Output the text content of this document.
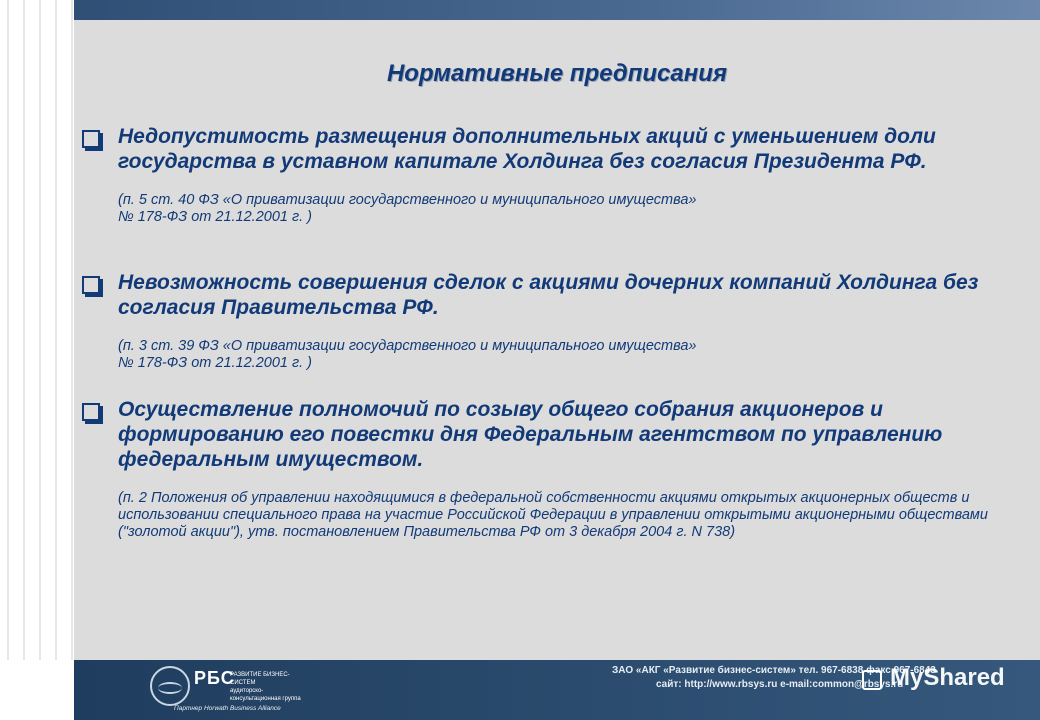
Нормативные предписания
Недопустимость размещения дополнительных акций с уменьшением доли государства в уставном капитале Холдинга без согласия Президента РФ.
(п. 5 ст. 40 ФЗ «О приватизации государственного и муниципального имущества»
№ 178-ФЗ от 21.12.2001 г. )
Невозможность совершения сделок с акциями дочерних компаний Холдинга без согласия Правительства РФ.
(п. 3 ст. 39 ФЗ «О приватизации государственного и муниципального имущества»
№ 178-ФЗ от 21.12.2001 г. )
Осуществление полномочий по созыву общего собрания акционеров и формированию его повестки дня Федеральным агентством по управлению федеральным имуществом.
(п. 2 Положения об управлении находящимися в федеральной собственности акциями открытых акционерных обществ и использовании специального права на участие Российской Федерации в управлении открытыми акционерными обществами ("золотой акции"), утв. постановлением Правительства РФ от 3 декабря 2004 г. N 738)
РБС
РАЗВИТИЕ БИЗНЕС-СИСТЕМ
аудиторско-консультационная группа
Партнер Horwath Business Alliance
ЗАО «АКГ «Развитие бизнес-систем» тел. 967-6838 факс 967-6843
сайт: http://www.rbsys.ru e-mail:common@rbsys.ru
MyShared
